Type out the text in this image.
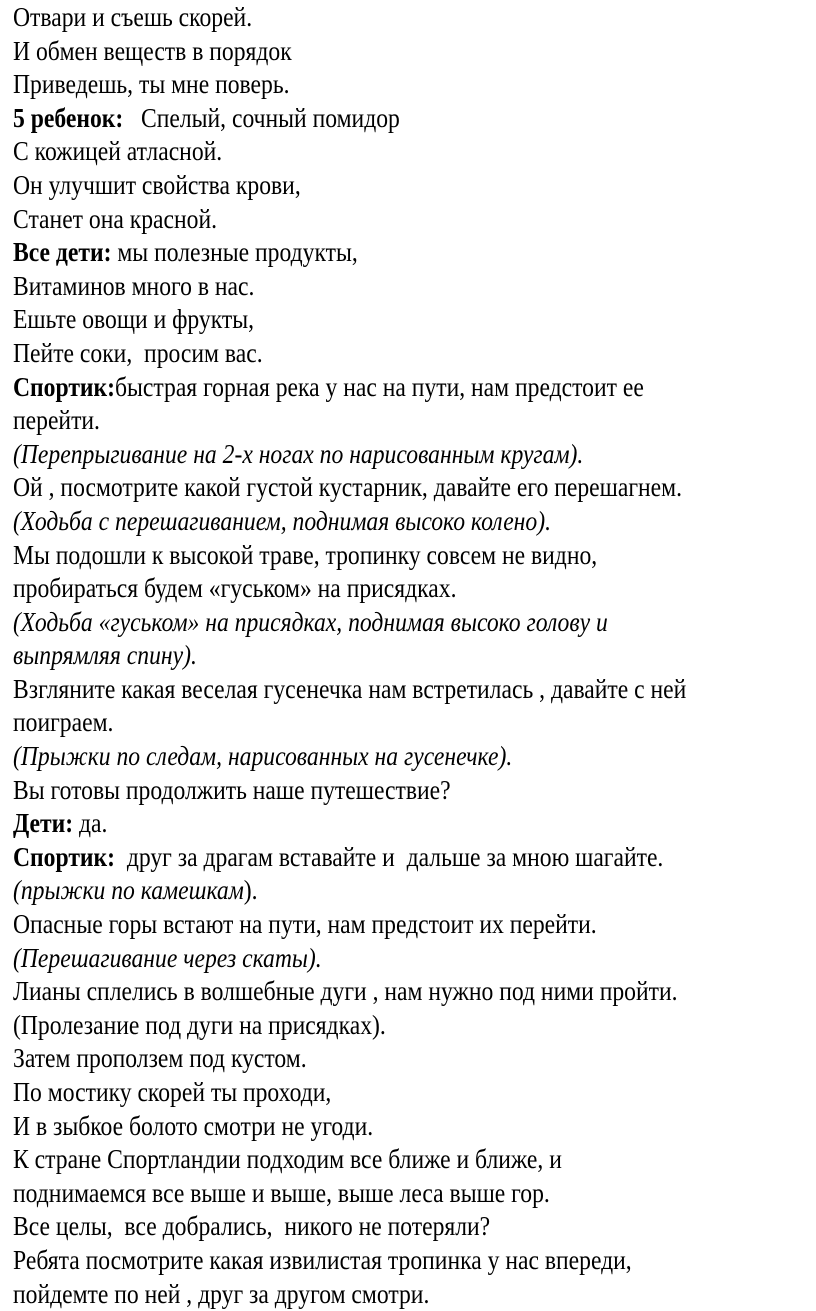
Отвари и съешь скорей.
И обмен веществ в порядок
Приведешь, ты мне поверь.
5 ребенок:   Спелый, сочный помидор
С кожицей атласной.
Он улучшит свойства крови,
Станет она красной.
Все дети: мы полезные продукты,
Витаминов много в нас.
Ешьте овощи и фрукты,
Пейте соки,  просим вас.
Спортик:быстрая горная река у нас на пути, нам предстоит ее
перейти.
(Перепрыгивание на 2-х ногах по нарисованным кругам).
Ой , посмотрите какой густой кустарник, давайте его перешагнем.
(Ходьба с перешагиванием, поднимая высоко колено).
Мы подошли к высокой траве, тропинку совсем не видно,
пробираться будем «гуськом» на присядках.
(Ходьба «гуськом» на присядках, поднимая высоко голову и
выпрямляя спину).
Взгляните какая веселая гусенечка нам встретилась , давайте с ней
поиграем.
(Прыжки по следам, нарисованных на гусенечке).
Вы готовы продолжить наше путешествие?
Дети: да.
Спортик:  друг за драгам вставайте и  дальше за мною шагайте.
(прыжки по камешкам).
Опасные горы встают на пути, нам предстоит их перейти.
(Перешагивание через скаты).
Лианы сплелись в волшебные дуги , нам нужно под ними пройти.
(Пролезание под дуги на присядках).
Затем проползем под кустом.
По мостику скорей ты проходи,
И в зыбкое болото смотри не угоди.
К стране Спортландии подходим все ближе и ближе, и
поднимаемся все выше и выше, выше леса выше гор.
Все целы,  все добрались,  никого не потеряли?
Ребята посмотрите какая извилистая тропинка у нас впереди,
пойдемте по ней , друг за другом смотри.
